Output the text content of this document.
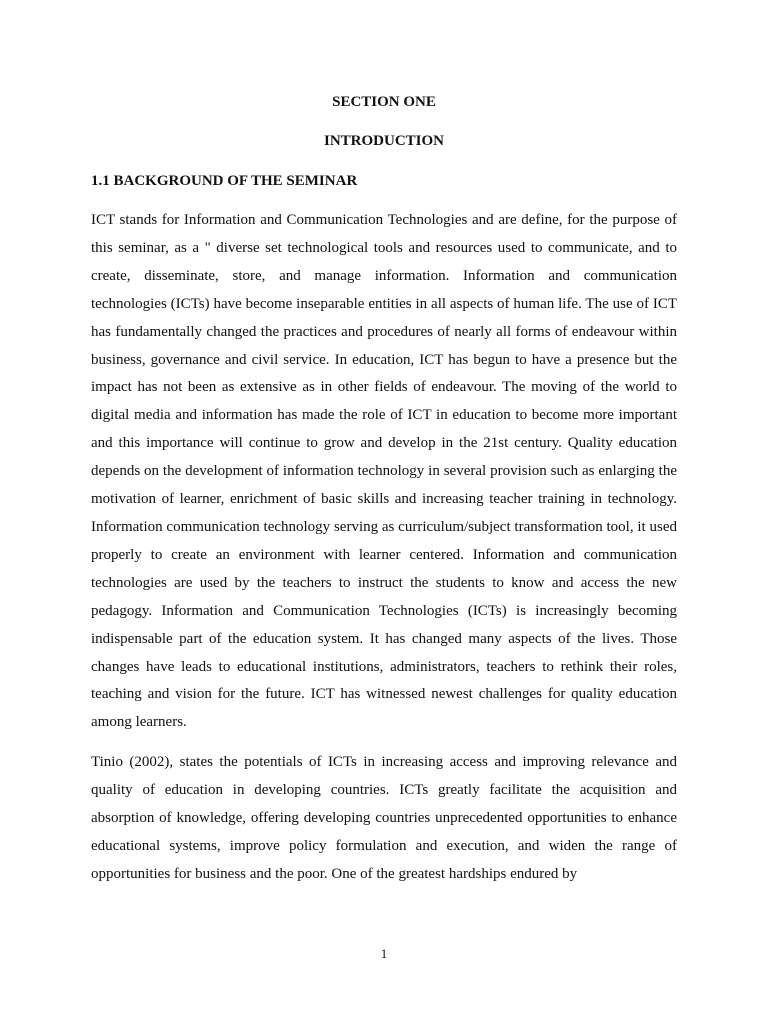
SECTION ONE
INTRODUCTION
1.1 BACKGROUND OF THE SEMINAR

ICT stands for Information and Communication Technologies and are define, for the purpose of this seminar, as a " diverse set technological tools and resources used to communicate, and to create, disseminate, store, and manage information. Information and communication technologies (ICTs) have become inseparable entities in all aspects of human life. The use of ICT has fundamentally changed the practices and procedures of nearly all forms of endeavour within business, governance and civil service. In education, ICT has begun to have a presence but the impact has not been as extensive as in other fields of endeavour. The moving of the world to digital media and information has made the role of ICT in education to become more important and this importance will continue to grow and develop in the 21st century. Quality education depends on the development of information technology in several provision such as enlarging the motivation of learner, enrichment of basic skills and increasing teacher training in technology. Information communication technology serving as curriculum/subject transformation tool, it used properly to create an environment with learner centered. Information and communication technologies are used by the teachers to instruct the students to know and access the new pedagogy. Information and Communication Technologies (ICTs) is increasingly becoming indispensable part of the education system. It has changed many aspects of the lives. Those changes have leads to educational institutions, administrators, teachers to rethink their roles, teaching and vision for the future. ICT has witnessed newest challenges for quality education among learners.

Tinio (2002), states the potentials of ICTs in increasing access and improving relevance and quality of education in developing countries. ICTs greatly facilitate the acquisition and absorption of knowledge, offering developing countries unprecedented opportunities to enhance educational systems, improve policy formulation and execution, and widen the range of opportunities for business and the poor. One of the greatest hardships endured by

1
